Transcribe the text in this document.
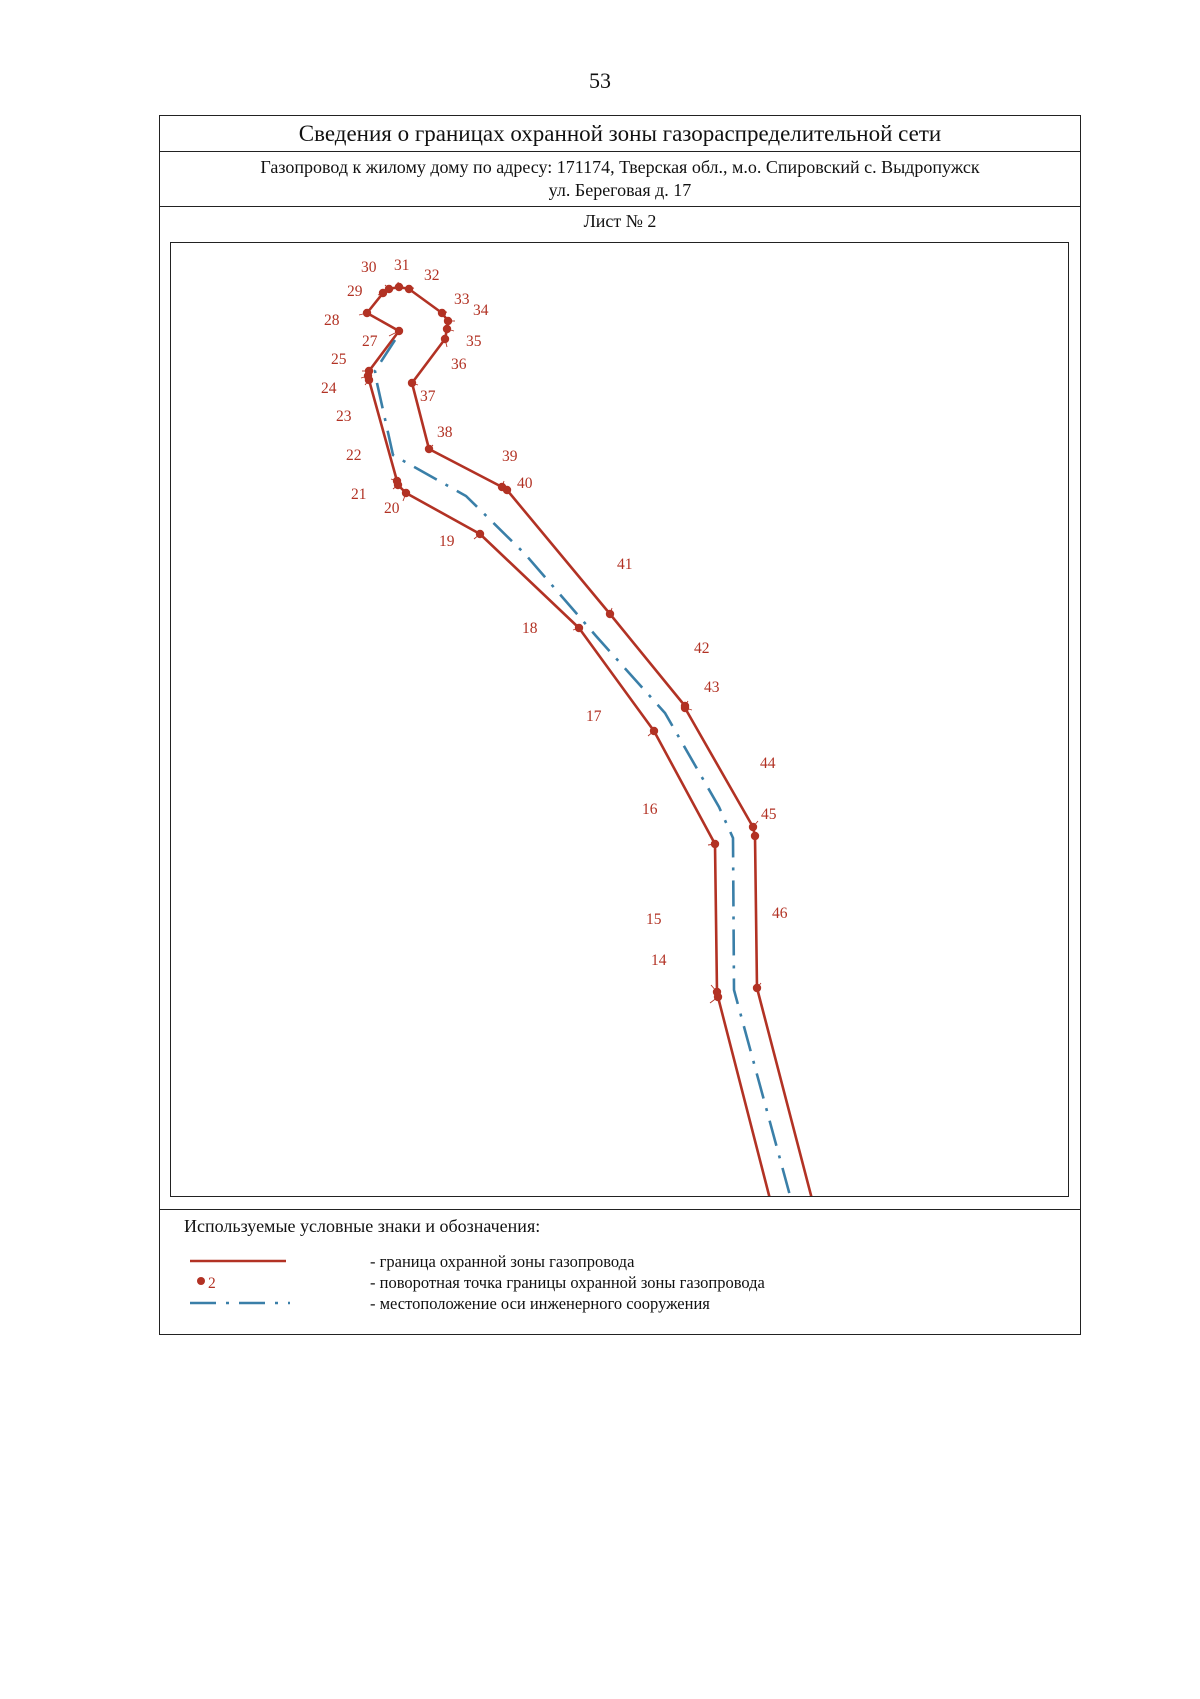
53
Сведения о границах охранной зоны газораспределительной сети
Газопровод к жилому дому по адресу: 171174, Тверская обл., м.о. Спировский с. Выдропужск
ул. Береговая д. 17
Лист № 2
14
15
16
17
18
19
20
21
22
23
24
25
27
28
29
30 31
32
33
34
35
36
37
38
39
40
41
42
43
44
45
46
Используемые условные знаки и обозначения:
- граница охранной зоны газопровода
2	- поворотная точка границы охранной зоны газопровода
- местоположение оси инженерного сооружения
